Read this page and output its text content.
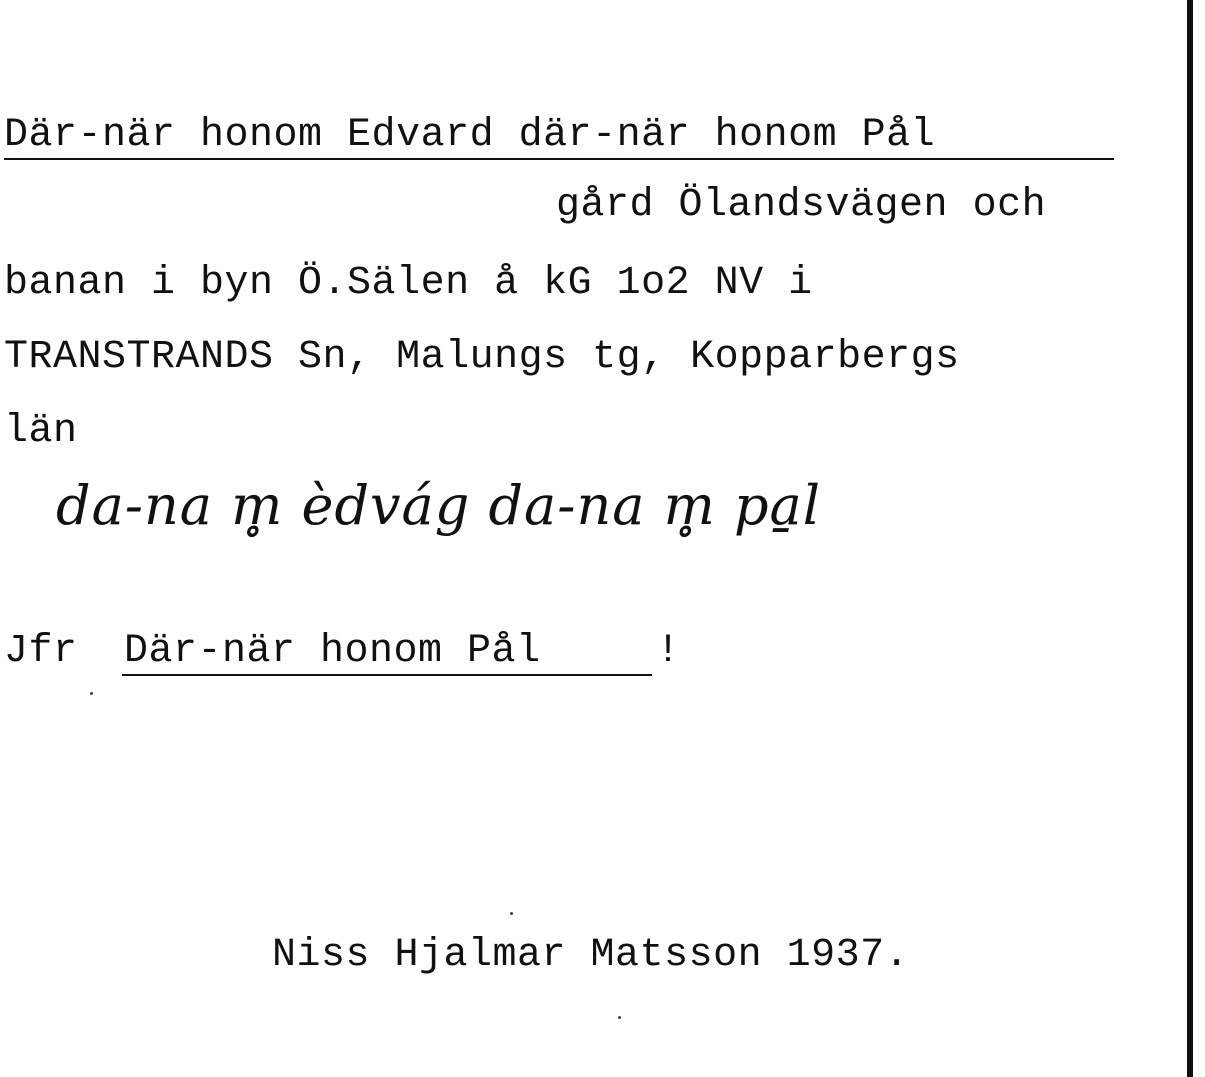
Där-när honom Edvard där-när honom Pål
gård Ölandsvägen och
banan i byn Ö.Sälen å kG 1o2 NV i
TRANSTRANDS Sn, Malungs tg, Kopparbergs
län
da-na m̥ èdvág da-na m̥ pa̱l
Jfr Där-när honom Pål	!
Niss Hjalmar Matsson 1937.
